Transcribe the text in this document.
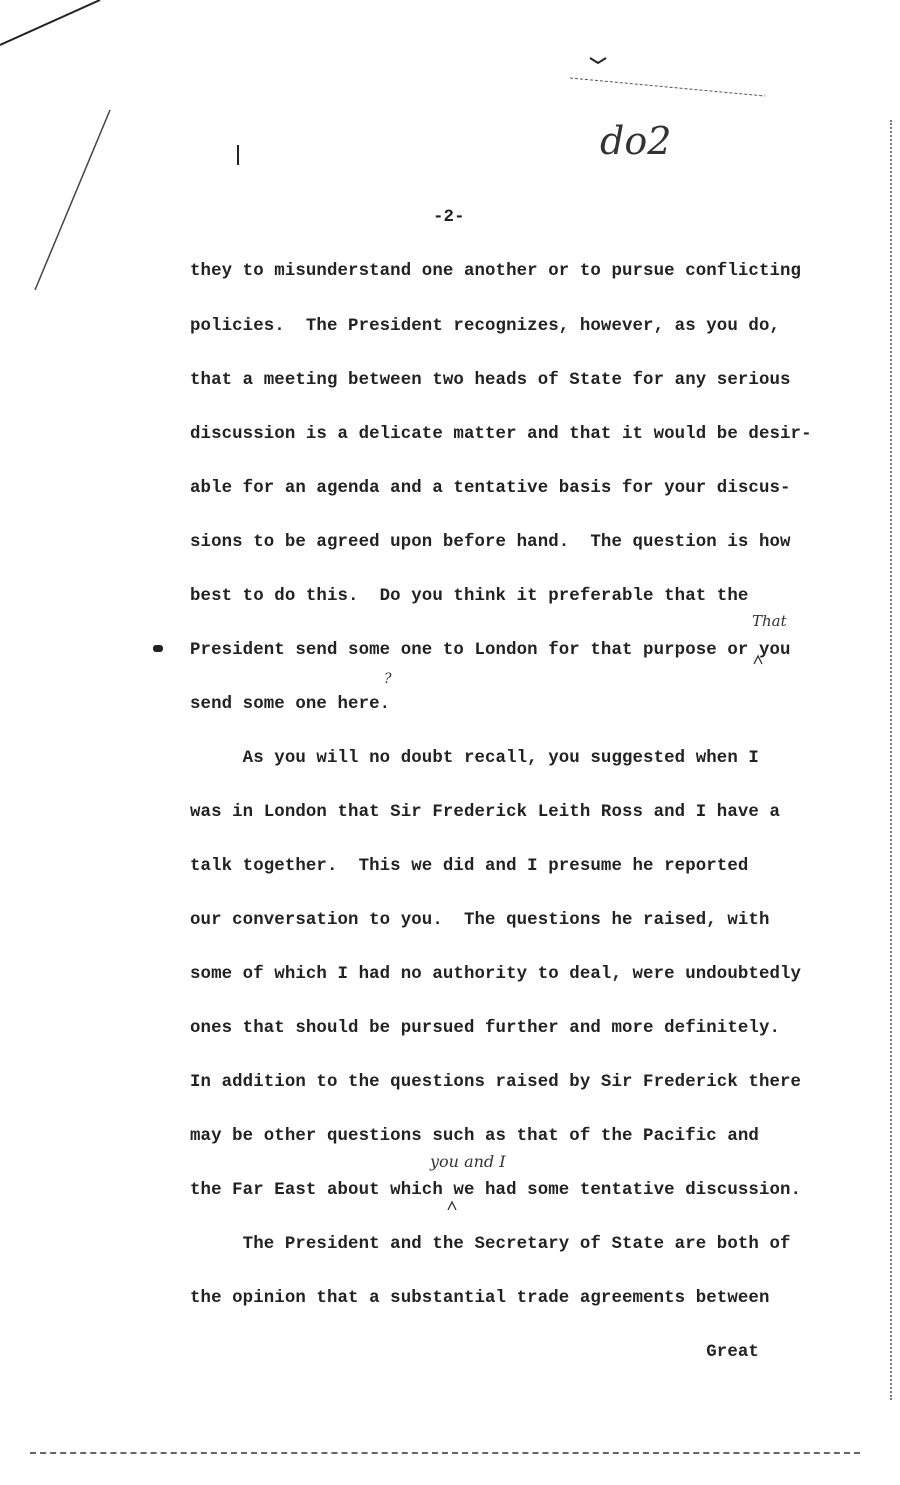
do2
-2-
they to misunderstand one another or to pursue conflicting
policies.  The President recognizes, however, as you do,
that a meeting between two heads of State for any serious
discussion is a delicate matter and that it would be desir-
able for an agenda and a tentative basis for your discus-
sions to be agreed upon before hand.  The question is how
best to do this.  Do you think it preferable that the
President send some one to London for that purpose or you
send some one here.
As you will no doubt recall, you suggested when I
was in London that Sir Frederick Leith Ross and I have a
talk together.  This we did and I presume he reported
our conversation to you.  The questions he raised, with
some of which I had no authority to deal, were undoubtedly
ones that should be pursued further and more definitely.
In addition to the questions raised by Sir Frederick there
may be other questions such as that of the Pacific and
the Far East about which we had some tentative discussion.
The President and the Secretary of State are both of
the opinion that a substantial trade agreements between
Great
That
?
you and I
